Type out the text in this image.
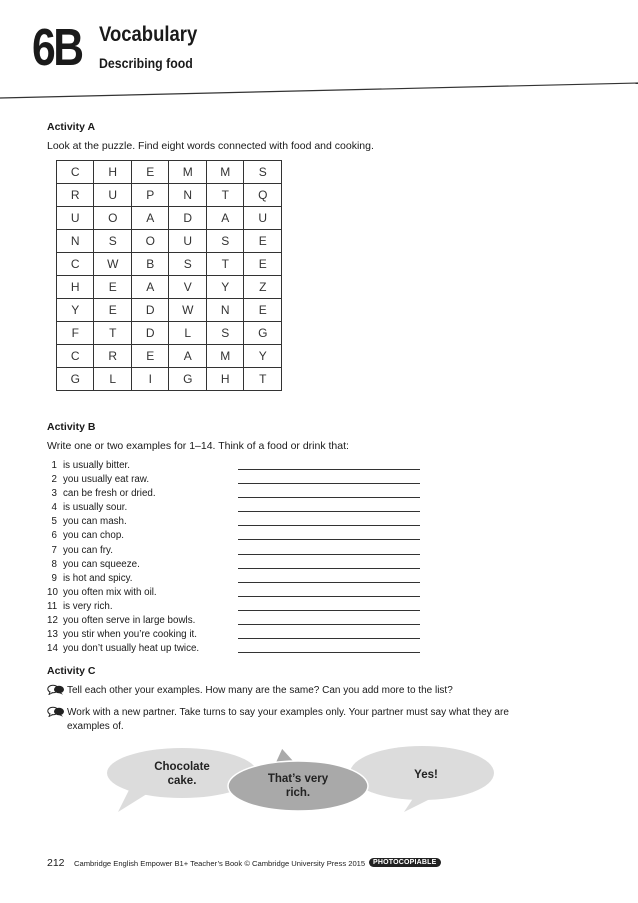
6B Vocabulary
Describing food
Activity A
Look at the puzzle. Find eight words connected with food and cooking.
C	H	E	M	M	S
R	U	P	N	T	Q
U	O	A	D	A	U
N	S	O	U	S	E
C	W	B	S	T	E
H	E	A	V	Y	Z
Y	E	D	W	N	E
F	T	D	L	S	G
C	R	E	A	M	Y
G	L	I	G	H	T
Activity B
Write one or two examples for 1–14. Think of a food or drink that:
1 is usually bitter.
2 you usually eat raw.
3 can be fresh or dried.
4 is usually sour.
5 you can mash.
6 you can chop.
7 you can fry.
8 you can squeeze.
9 is hot and spicy.
10 you often mix with oil.
11 is very rich.
12 you often serve in large bowls.
13 you stir when you’re cooking it.
14 you don’t usually heat up twice.
Activity C
Tell each other your examples. How many are the same? Can you add more to the list?
Work with a new partner. Take turns to say your examples only. Your partner must say what they are
examples of.
Chocolate
cake.	That’s very
rich.
Yes!
212 Cambridge English Empower B1+ Teacher’s Book © Cambridge University Press 2015	PHOTOCOPIABLE
